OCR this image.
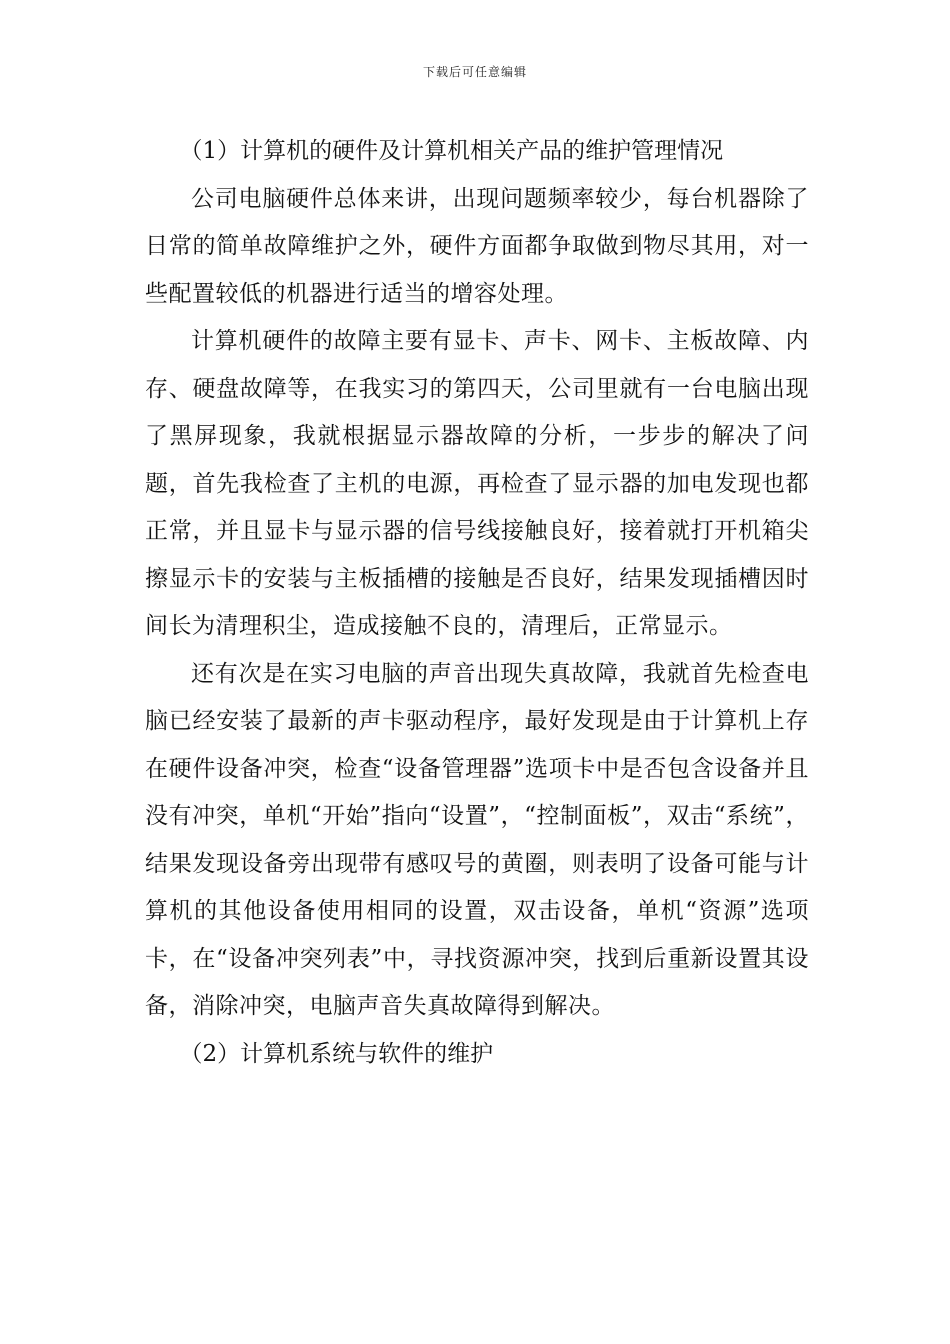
下载后可任意编辑

（1）计算机的硬件及计算机相关产品的维护管理情况

公司电脑硬件总体来讲，出现问题频率较少，每台机器除了日常的简单故障维护之外，硬件方面都争取做到物尽其用，对一些配置较低的机器进行适当的增容处理。

计算机硬件的故障主要有显卡、声卡、网卡、主板故障、内存、硬盘故障等，在我实习的第四天，公司里就有一台电脑出现了黑屏现象，我就根据显示器故障的分析，一步步的解决了问题，首先我检查了主机的电源，再检查了显示器的加电发现也都正常，并且显卡与显示器的信号线接触良好，接着就打开机箱尖擦显示卡的安装与主板插槽的接触是否良好，结果发现插槽因时间长为清理积尘，造成接触不良的，清理后，正常显示。

还有次是在实习电脑的声音出现失真故障，我就首先检查电脑已经安装了最新的声卡驱动程序，最好发现是由于计算机上存在硬件设备冲突，检查“设备管理器”选项卡中是否包含设备并且没有冲突，单机“开始”指向“设置”，“控制面板”，双击“系统”，结果发现设备旁出现带有感叹号的黄圈，则表明了设备可能与计算机的其他设备使用相同的设置，双击设备，单机“资源”选项卡，在“设备冲突列表”中，寻找资源冲突，找到后重新设置其设备，消除冲突，电脑声音失真故障得到解决。

（2）计算机系统与软件的维护
